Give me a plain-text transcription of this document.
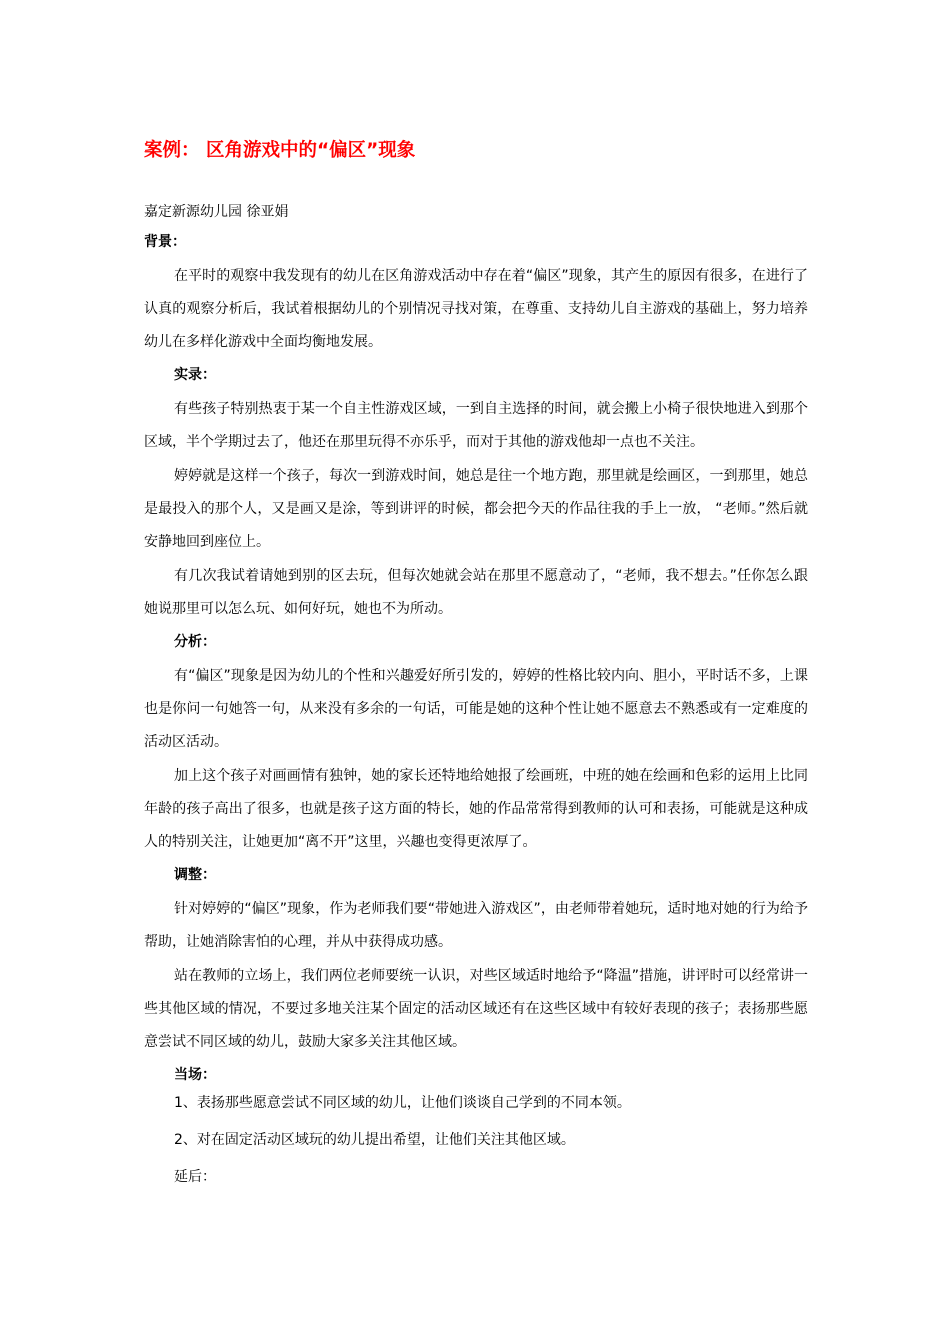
案例： 区角游戏中的“偏区”现象
嘉定新源幼儿园 徐亚娟
背景：

在平时的观察中我发现有的幼儿在区角游戏活动中存在着“偏区”现象，其产生的原因有很多，在进行了认真的观察分析后，我试着根据幼儿的个别情况寻找对策，在尊重、支持幼儿自主游戏的基础上，努力培养幼儿在多样化游戏中全面均衡地发展。

实录：

有些孩子特别热衷于某一个自主性游戏区域，一到自主选择的时间，就会搬上小椅子很快地进入到那个区域，半个学期过去了，他还在那里玩得不亦乐乎，而对于其他的游戏他却一点也不关注。

婷婷就是这样一个孩子，每次一到游戏时间，她总是往一个地方跑，那里就是绘画区，一到那里，她总是最投入的那个人，又是画又是涂，等到讲评的时候，都会把今天的作品往我的手上一放， “老师。”然后就安静地回到座位上。

有几次我试着请她到别的区去玩，但每次她就会站在那里不愿意动了，“老师，我不想去。”任你怎么跟她说那里可以怎么玩、如何好玩，她也不为所动。

分析：

有“偏区”现象是因为幼儿的个性和兴趣爱好所引发的，婷婷的性格比较内向、胆小，平时话不多，上课也是你问一句她答一句，从来没有多余的一句话，可能是她的这种个性让她不愿意去不熟悉或有一定难度的活动区活动。

加上这个孩子对画画情有独钟，她的家长还特地给她报了绘画班，中班的她在绘画和色彩的运用上比同年龄的孩子高出了很多，也就是孩子这方面的特长，她的作品常常得到教师的认可和表扬，可能就是这种成人的特别关注，让她更加“离不开”这里，兴趣也变得更浓厚了。

调整：

针对婷婷的“偏区”现象，作为老师我们要“带她进入游戏区”，由老师带着她玩，适时地对她的行为给予帮助，让她消除害怕的心理，并从中获得成功感。

站在教师的立场上，我们两位老师要统一认识，对些区域适时地给予“降温”措施，讲评时可以经常讲一些其他区域的情况，不要过多地关注某个固定的活动区域还有在这些区域中有较好表现的孩子；表扬那些愿意尝试不同区域的幼儿，鼓励大家多关注其他区域。

当场：
1、表扬那些愿意尝试不同区域的幼儿，让他们谈谈自己学到的不同本领。
2、对在固定活动区域玩的幼儿提出希望，让他们关注其他区域。
延后：
